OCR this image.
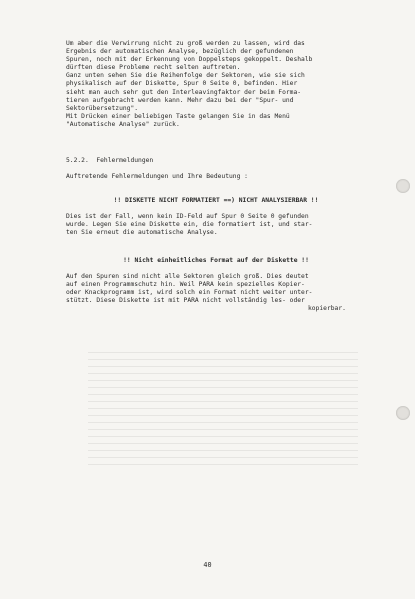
Um aber die Verwirrung nicht zu groß werden zu lassen, wird das
Ergebnis der automatischen Analyse, bezüglich der gefundenen
Spuren, noch mit der Erkennung von Doppelsteps gekoppelt. Deshalb
dürften diese Probleme recht selten auftreten.
Ganz unten sehen Sie die Reihenfolge der Sektoren, wie sie sich
physikalisch auf der Diskette, Spur 0 Seite 0, befinden. Hier
sieht man auch sehr gut den Interleavingfaktor der beim Forma-
tieren aufgebracht werden kann. Mehr dazu bei der "Spur- und
Sektorübersetzung".
Mit Drücken einer beliebigen Taste gelangen Sie in das Menü
"Automatische Analyse" zurück.
5.2.2. Fehlermeldungen
Auftretende Fehlermeldungen und Ihre Bedeutung :
!! DISKETTE NICHT FORMATIERT ==) NICHT ANALYSIERBAR !!
Dies ist der Fall, wenn kein ID-Feld auf Spur 0 Seite 0 gefunden
wurde. Legen Sie eine Diskette ein, die formatiert ist, und star-
ten Sie erneut die automatische Analyse.
!! Nicht einheitliches Format auf der Diskette !!
Auf den Spuren sind nicht alle Sektoren gleich groß. Dies deutet
auf einen Programmschutz hin. Weil PARA kein spezielles Kopier-
oder Knackprogramm ist, wird solch ein Format nicht weiter unter-
stützt. Diese Diskette ist mit PARA nicht vollständig les- oder
kopierbar.
40
